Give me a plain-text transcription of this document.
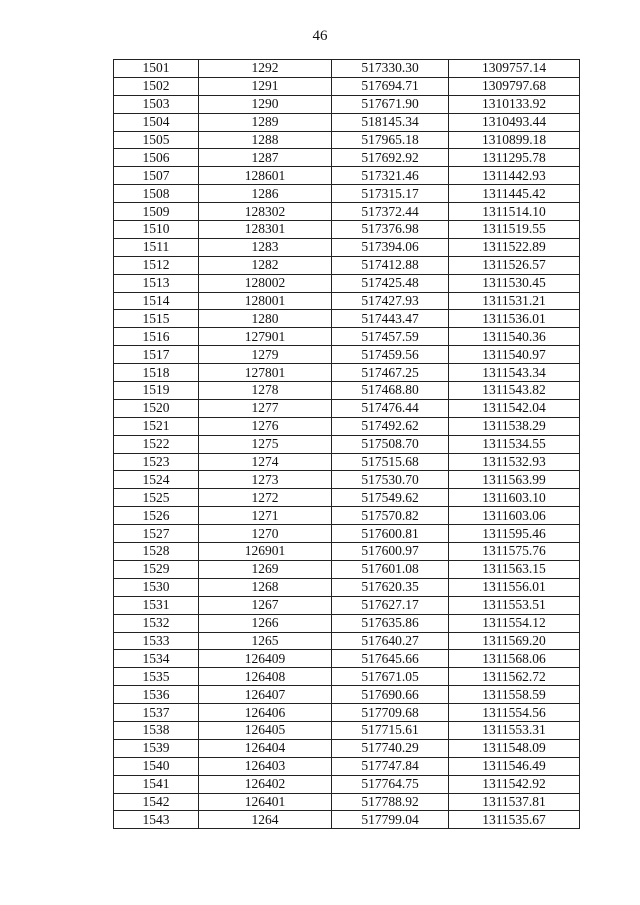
46
1501	1292	517330.30	1309757.14
1502	1291	517694.71	1309797.68
1503	1290	517671.90	1310133.92
1504	1289	518145.34	1310493.44
1505	1288	517965.18	1310899.18
1506	1287	517692.92	1311295.78
1507	128601	517321.46	1311442.93
1508	1286	517315.17	1311445.42
1509	128302	517372.44	1311514.10
1510	128301	517376.98	1311519.55
1511	1283	517394.06	1311522.89
1512	1282	517412.88	1311526.57
1513	128002	517425.48	1311530.45
1514	128001	517427.93	1311531.21
1515	1280	517443.47	1311536.01
1516	127901	517457.59	1311540.36
1517	1279	517459.56	1311540.97
1518	127801	517467.25	1311543.34
1519	1278	517468.80	1311543.82
1520	1277	517476.44	1311542.04
1521	1276	517492.62	1311538.29
1522	1275	517508.70	1311534.55
1523	1274	517515.68	1311532.93
1524	1273	517530.70	1311563.99
1525	1272	517549.62	1311603.10
1526	1271	517570.82	1311603.06
1527	1270	517600.81	1311595.46
1528	126901	517600.97	1311575.76
1529	1269	517601.08	1311563.15
1530	1268	517620.35	1311556.01
1531	1267	517627.17	1311553.51
1532	1266	517635.86	1311554.12
1533	1265	517640.27	1311569.20
1534	126409	517645.66	1311568.06
1535	126408	517671.05	1311562.72
1536	126407	517690.66	1311558.59
1537	126406	517709.68	1311554.56
1538	126405	517715.61	1311553.31
1539	126404	517740.29	1311548.09
1540	126403	517747.84	1311546.49
1541	126402	517764.75	1311542.92
1542	126401	517788.92	1311537.81
1543	1264	517799.04	1311535.67
